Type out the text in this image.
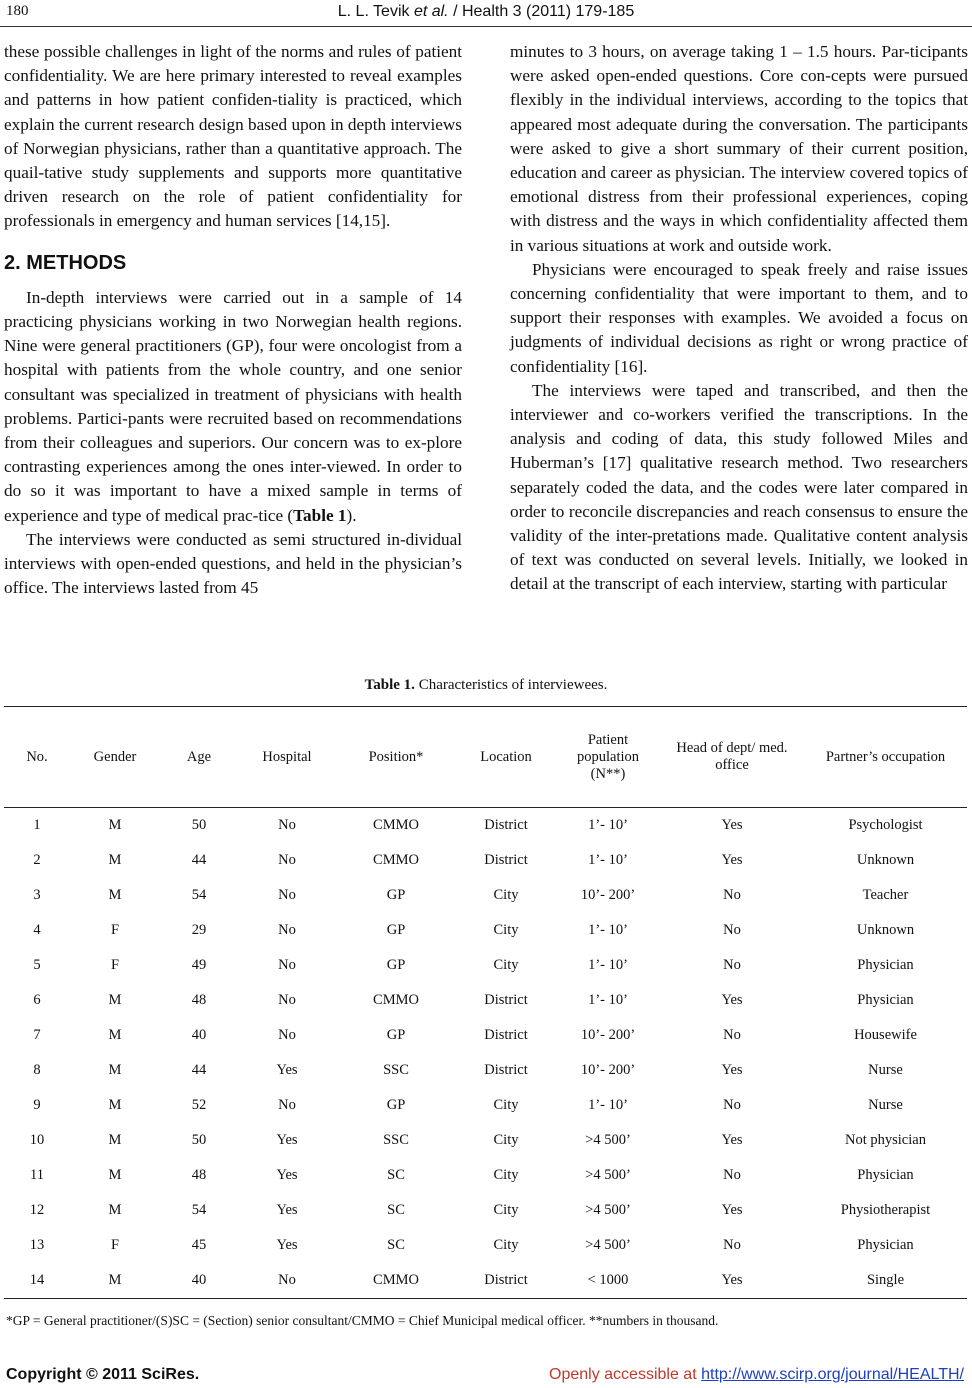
180	L. L. Tevik et al. / Health 3 (2011) 179-185

these possible challenges in light of the norms and rules of patient confidentiality. We are here primary interested to reveal examples and patterns in how patient confiden-tiality is practiced, which explain the current research design based upon in depth interviews of Norwegian physicians, rather than a quantitative approach. The quail-tative study supplements and supports more quantitative driven research on the role of patient confidentiality for professionals in emergency and human services [14,15].

2. METHODS

In-depth interviews were carried out in a sample of 14 practicing physicians working in two Norwegian health regions. Nine were general practitioners (GP), four were oncologist from a hospital with patients from the whole country, and one senior consultant was specialized in treatment of physicians with health problems. Partici-pants were recruited based on recommendations from their colleagues and superiors. Our concern was to ex-plore contrasting experiences among the ones inter-viewed. In order to do so it was important to have a mixed sample in terms of experience and type of medical prac-tice (Table 1).

The interviews were conducted as semi structured in-dividual interviews with open-ended questions, and held in the physician’s office. The interviews lasted from 45

minutes to 3 hours, on average taking 1 – 1.5 hours. Par-ticipants were asked open-ended questions. Core con-cepts were pursued flexibly in the individual interviews, according to the topics that appeared most adequate during the conversation. The participants were asked to give a short summary of their current position, education and career as physician. The interview covered topics of emotional distress from their professional experiences, coping with distress and the ways in which confidentiality affected them in various situations at work and outside work.

Physicians were encouraged to speak freely and raise issues concerning confidentiality that were important to them, and to support their responses with examples. We avoided a focus on judgments of individual decisions as right or wrong practice of confidentiality [16].

The interviews were taped and transcribed, and then the interviewer and co-workers verified the transcriptions. In the analysis and coding of data, this study followed Miles and Huberman’s [17] qualitative research method. Two researchers separately coded the data, and the codes were later compared in order to reconcile discrepancies and reach consensus to ensure the validity of the inter-pretations made. Qualitative content analysis of text was conducted on several levels. Initially, we looked in detail at the transcript of each interview, starting with particular

Table 1. Characteristics of interviewees.
No.	Gender	Age	Hospital	Position*	Location	Patient population (N**)	Head of dept/ med. office	Partner’s occupation
1	M	50	No	CMMO	District	1’- 10’	Yes	Psychologist
2	M	44	No	CMMO	District	1’- 10’	Yes	Unknown
3	M	54	No	GP	City	10’- 200’	No	Teacher
4	F	29	No	GP	City	1’- 10’	No	Unknown
5	F	49	No	GP	City	1’- 10’	No	Physician
6	M	48	No	CMMO	District	1’- 10’	Yes	Physician
7	M	40	No	GP	District	10’- 200’	No	Housewife
8	M	44	Yes	SSC	District	10’- 200’	Yes	Nurse
9	M	52	No	GP	City	1’- 10’	No	Nurse
10	M	50	Yes	SSC	City	>4 500’	Yes	Not physician
11	M	48	Yes	SC	City	>4 500’	No	Physician
12	M	54	Yes	SC	City	>4 500’	Yes	Physiotherapist
13	F	45	Yes	SC	City	>4 500’	No	Physician
14	M	40	No	CMMO	District	< 1000	Yes	Single
*GP = General practitioner/(S)SC = (Section) senior consultant/CMMO = Chief Municipal medical officer. **numbers in thousand.
Copyright © 2011 SciRes.	Openly accessible at http://www.scirp.org/journal/HEALTH/
